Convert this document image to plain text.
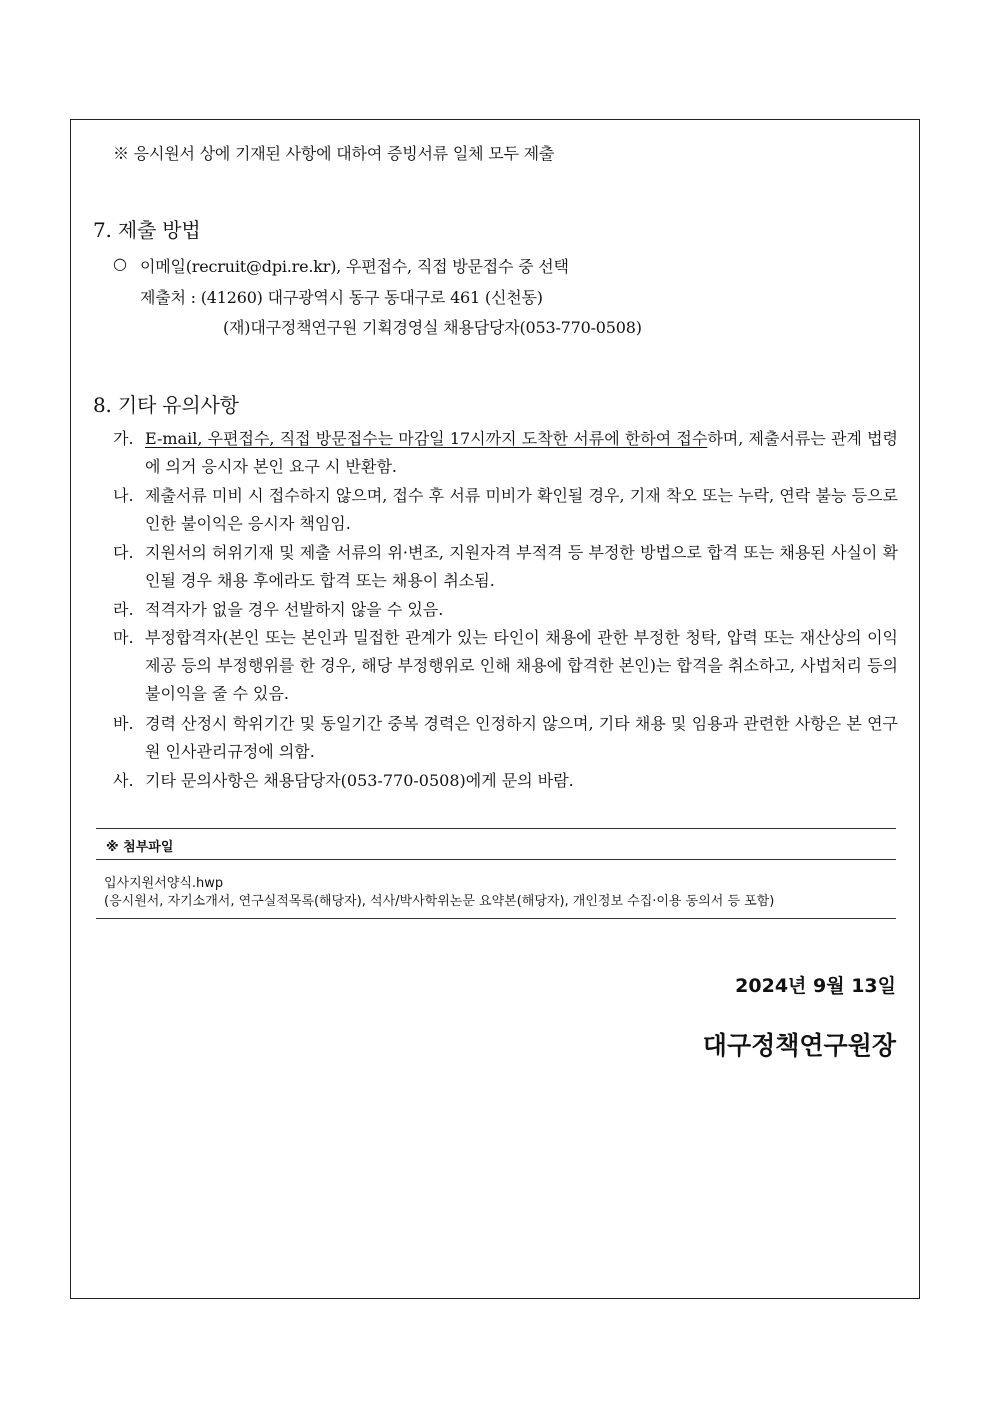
※ 응시원서 상에 기재된 사항에 대하여 증빙서류 일체 모두 제출
7. 제출 방법
○ 이메일(recruit@dpi.re.kr), 우편접수, 직접 방문접수 중 선택
제출처 : (41260) 대구광역시 동구 동대구로 461 (신천동)
(재)대구정책연구원 기획경영실 채용담당자(053-770-0508)
8. 기타 유의사항
가. E-mail, 우편접수, 직접 방문접수는 마감일 17시까지 도착한 서류에 한하여 접수하며, 제출서류는 관계 법령에 의거 응시자 본인 요구 시 반환함.
나. 제출서류 미비 시 접수하지 않으며, 접수 후 서류 미비가 확인될 경우, 기재 착오 또는 누락, 연락 불능 등으로 인한 불이익은 응시자 책임임.
다. 지원서의 허위기재 및 제출 서류의 위·변조, 지원자격 부적격 등 부정한 방법으로 합격 또는 채용된 사실이 확인될 경우 채용 후에라도 합격 또는 채용이 취소됨.
라. 적격자가 없을 경우 선발하지 않을 수 있음.
마. 부정합격자(본인 또는 본인과 밀접한 관계가 있는 타인이 채용에 관한 부정한 청탁, 압력 또는 재산상의 이익 제공 등의 부정행위를 한 경우, 해당 부정행위로 인해 채용에 합격한 본인)는 합격을 취소하고, 사법처리 등의 불이익을 줄 수 있음.
바. 경력 산정시 학위기간 및 동일기간 중복 경력은 인정하지 않으며, 기타 채용 및 임용과 관련한 사항은 본 연구원 인사관리규정에 의함.
사. 기타 문의사항은 채용담당자(053-770-0508)에게 문의 바람.
※ 첨부파일
입사지원서양식.hwp
(응시원서, 자기소개서, 연구실적목록(해당자), 석사/박사학위논문 요약본(해당자), 개인정보 수집·이용 동의서 등 포함)
2024년 9월 13일
대구정책연구원장
